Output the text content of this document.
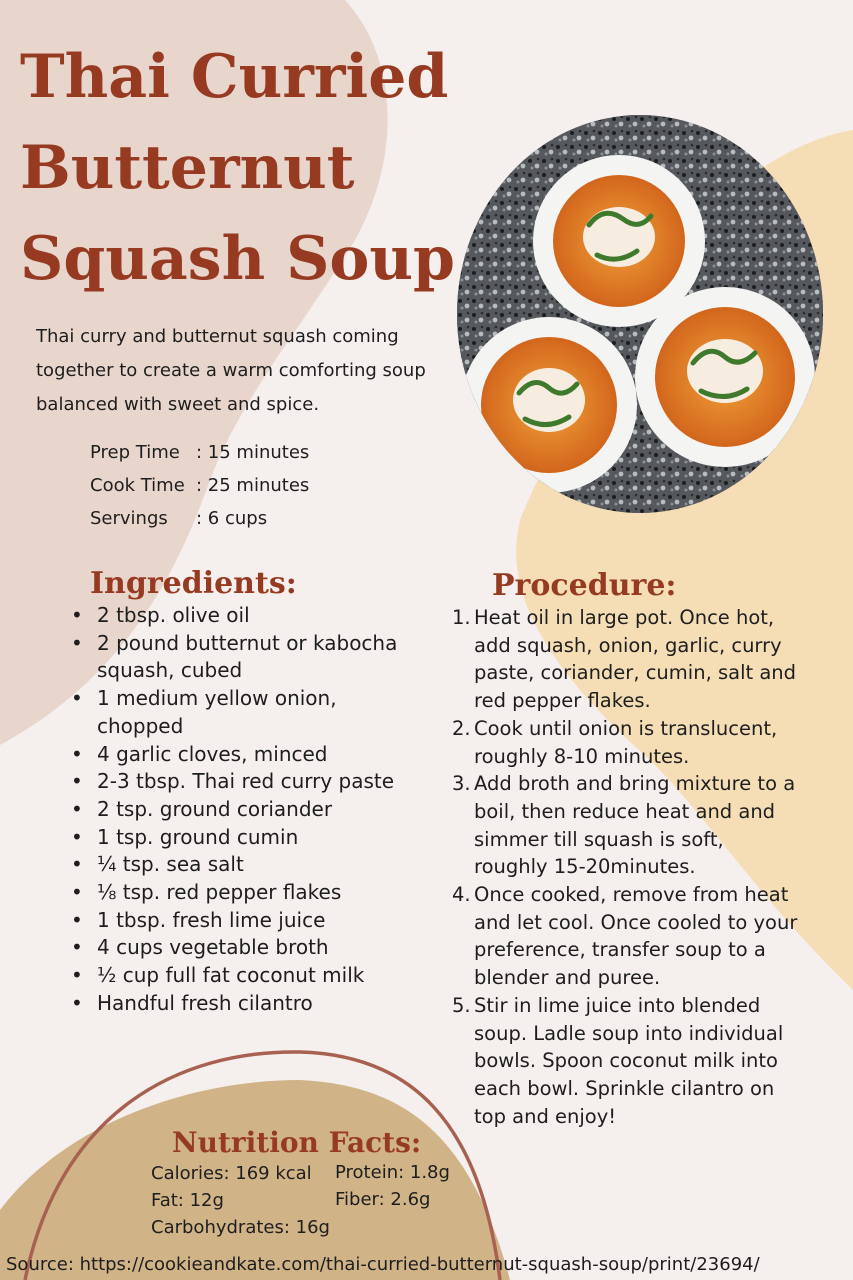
Thai Curried Butternut Squash Soup
Thai curry and butternut squash coming together to create a warm comforting soup balanced with sweet and spice.
Prep Time : 15 minutes
Cook Time : 25 minutes
Servings : 6 cups
Ingredients:
• 2 tbsp. olive oil
• 2 pound butternut or kabocha squash, cubed
• 1 medium yellow onion, chopped
• 4 garlic cloves, minced
• 2-3 tbsp. Thai red curry paste
• 2 tsp. ground coriander
• 1 tsp. ground cumin
• ¼ tsp. sea salt
• ⅛ tsp. red pepper flakes
• 1 tbsp. fresh lime juice
• 4 cups vegetable broth
• ½ cup full fat coconut milk
• Handful fresh cilantro
Procedure:
1. Heat oil in large pot. Once hot, add squash, onion, garlic, curry paste, coriander, cumin, salt and red pepper flakes.
2. Cook until onion is translucent, roughly 8-10 minutes.
3. Add broth and bring mixture to a boil, then reduce heat and and simmer till squash is soft, roughly 15-20minutes.
4. Once cooked, remove from heat and let cool. Once cooled to your preference, transfer soup to a blender and puree.
5. Stir in lime juice into blended soup. Ladle soup into individual bowls. Spoon coconut milk into each bowl. Sprinkle cilantro on top and enjoy!
Nutrition Facts:
Calories: 169 kcal
Fat: 12g
Carbohydrates: 16g
Protein: 1.8g
Fiber: 2.6g
Source: https://cookieandkate.com/thai-curried-butternut-squash-soup/print/23694/
